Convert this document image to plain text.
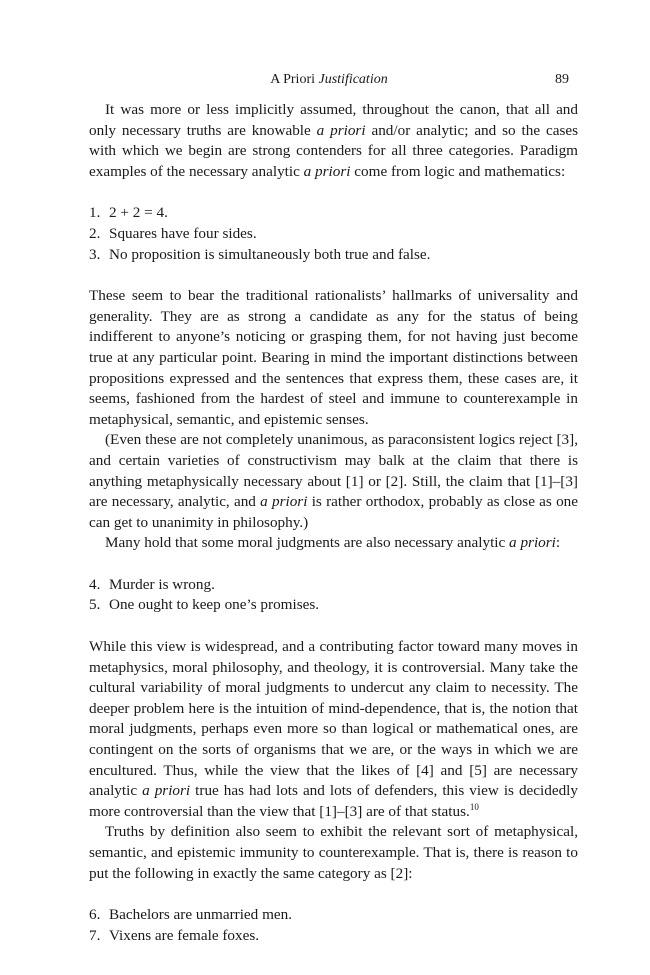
A Priori Justification	89

It was more or less implicitly assumed, throughout the canon, that all and only necessary truths are knowable a priori and/or analytic; and so the cases with which we begin are strong contenders for all three categories. Paradigm examples of the necessary analytic a priori come from logic and mathematics:

1. 2 + 2 = 4.
2. Squares have four sides.
3. No proposition is simultaneously both true and false.

These seem to bear the traditional rationalists’ hallmarks of universality and generality. They are as strong a candidate as any for the status of being indifferent to anyone’s noticing or grasping them, for not having just become true at any particular point. Bearing in mind the important distinctions between propositions expressed and the sentences that express them, these cases are, it seems, fashioned from the hardest of steel and immune to counterexample in metaphysical, semantic, and epistemic senses.

(Even these are not completely unanimous, as paraconsistent logics reject [3], and certain varieties of constructivism may balk at the claim that there is anything metaphysically necessary about [1] or [2]. Still, the claim that [1]–[3] are necessary, analytic, and a priori is rather orthodox, probably as close as one can get to unanimity in philosophy.)

Many hold that some moral judgments are also necessary analytic a priori:

4. Murder is wrong.
5. One ought to keep one’s promises.

While this view is widespread, and a contributing factor toward many moves in metaphysics, moral philosophy, and theology, it is controversial. Many take the cultural variability of moral judgments to undercut any claim to necessity. The deeper problem here is the intuition of mind-dependence, that is, the notion that moral judgments, perhaps even more so than logical or mathematical ones, are contingent on the sorts of organisms that we are, or the ways in which we are encultured. Thus, while the view that the likes of [4] and [5] are necessary analytic a priori true has had lots and lots of defenders, this view is decidedly more controversial than the view that [1]–[3] are of that status.$^{10}$

Truths by definition also seem to exhibit the relevant sort of metaphysical, semantic, and epistemic immunity to counterexample. That is, there is reason to put the following in exactly the same category as [2]:

6. Bachelors are unmarried men.
7. Vixens are female foxes.
